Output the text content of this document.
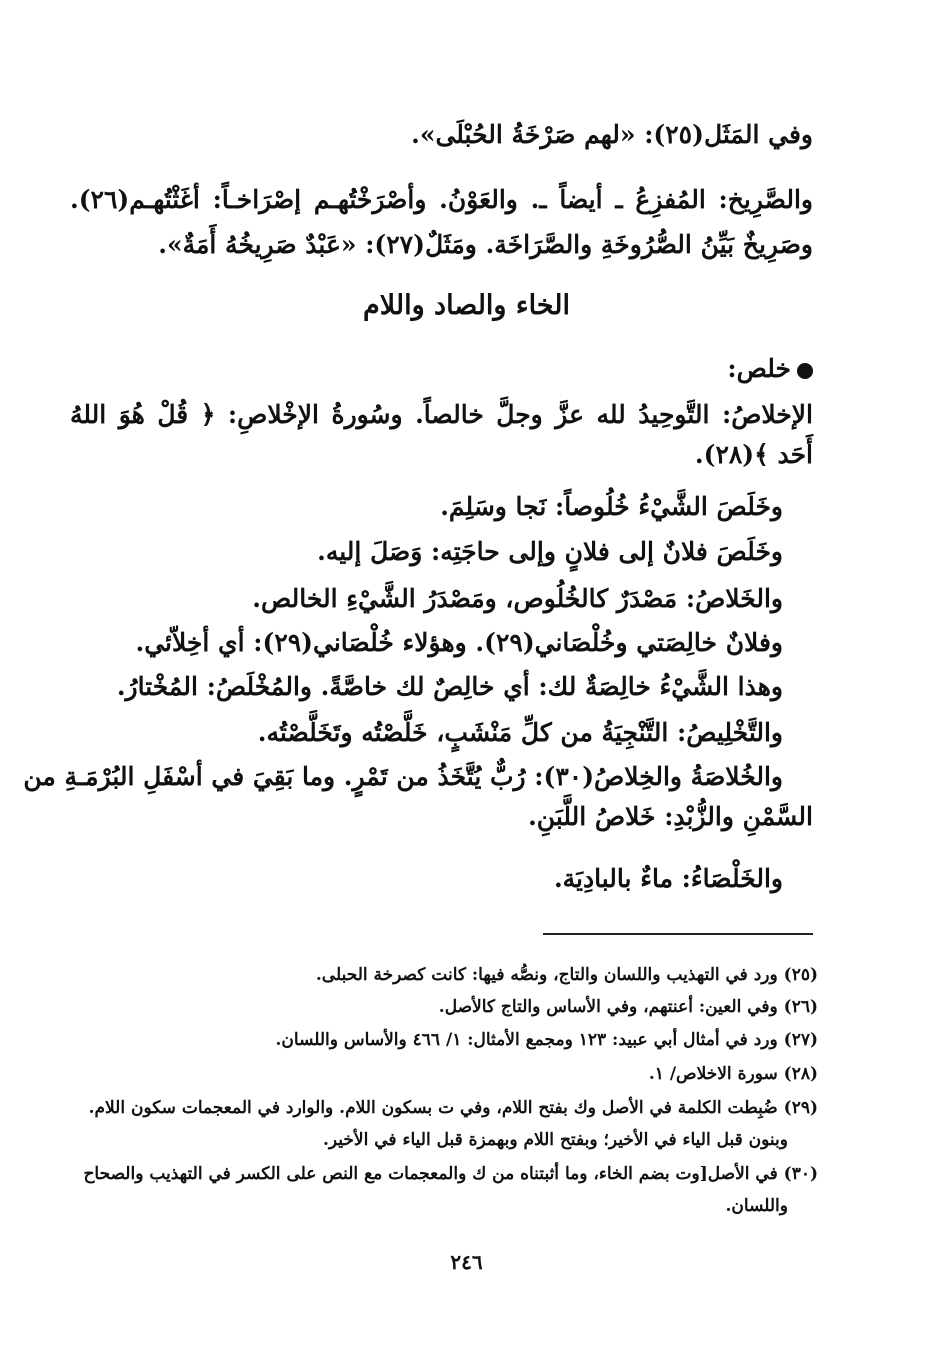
وفي المَثَل(٢٥): «لهم صَرْخَةُ الحُبْلَى».
والصَّرِيخ: المُفزِعُ ـ أيضاً ـ. والعَوْنُ. وأصْرَخْتُهـم إصْرَاخـاً: أغَثْتُهـم(٢٦).
وصَرِيخٌ بَيِّنُ الصُّرُوخَةِ والصَّرَاخَة. ومَثَلٌ(٢٧): «عَبْدٌ صَرِيخُهُ أَمَةٌ».
الخاء والصاد واللام
خلص:
الإخلاصُ: التَّوحِيدُ لله عزَّ وجلَّ خالصاً. وسُورةُ الإخْلاصِ: ﴿ قُلْ هُوَ اللهُ
أَحَد ﴾(٢٨).
وخَلَصَ الشَّيْءُ خُلُوصاً: نَجا وسَلِمَ.
وخَلَصَ فلانٌ إلى فلانٍ وإلى حاجَتِه: وَصَلَ إليه.
والخَلاصُ: مَصْدَرٌ كالخُلُوص، ومَصْدَرُ الشَّيْءِ الخالص.
وفلانٌ خالِصَتي وخُلْصَاني(٢٩). وهؤلاء خُلْصَاني(٢٩): أي أخِلاّئي.
وهذا الشَّيْءُ خالِصَةٌ لك: أي خالِصٌ لك خاصَّةً. والمُخْلَصُ: المُخْتارُ.
والتَّخْلِيصُ: التَّنْجِيَةُ من كلِّ مَنْشَبٍ، خَلَّصْتُه وتَخَلَّصْتُه.
والخُلاصَةُ والخِلاصُ(٣٠): رُبٌّ يُتَّخَذُ من تَمْرٍ. وما بَقِيَ في أسْفَلِ البُرْمَـةِ من
السَّمْنِ والزُّبْدِ: خَلاصُ اللَّبَنِ.
والخَلْصَاءُ: ماءٌ بالبادِيَة.
(٢٥) ورد في التهذيب واللسان والتاج، ونصُّه فيها: كانت كصرخة الحبلى.
(٢٦) وفي العين: أعنتهم، وفي الأساس والتاج كالأصل.
(٢٧) ورد في أمثال أبي عبيد: ١٢٣ ومجمع الأمثال: ١/ ٤٦٦ والأساس واللسان.
(٢٨) سورة الاخلاص/ ١.
(٢٩) ضُبِطت الكلمة في الأصل وك بفتح اللام، وفي ت بسكون اللام. والوارد في المعجمات سكون اللام.
وبنون قبل الياء في الأخير؛ وبفتح اللام وبهمزة قبل الياء في الأخير.
(٣٠) في الأصل[وت بضم الخاء، وما أثبتناه من ك والمعجمات مع النص على الكسر في التهذيب والصحاح
واللسان.
٢٤٦
